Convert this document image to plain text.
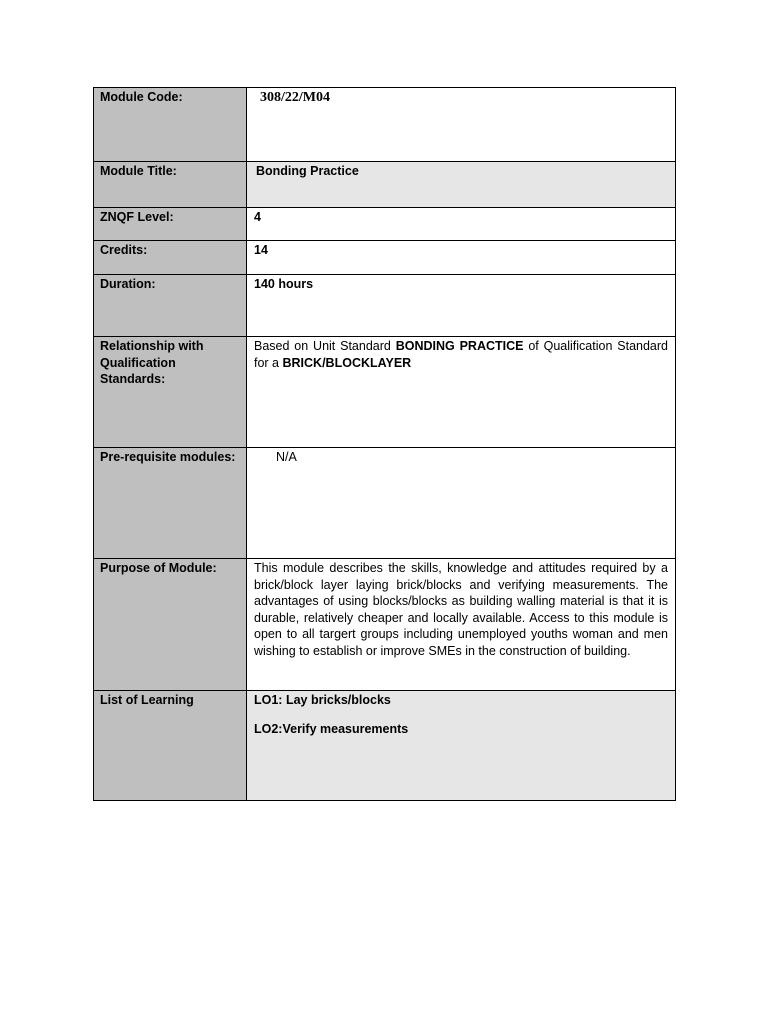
Module Code:	308/22/M04

Module Title:	Bonding Practice

ZNQF Level:	4

Credits:	14

Duration:	140 hours

Relationship with Qualification Standards:	Based on Unit Standard BONDING PRACTICE of Qualification Standard for a BRICK/BLOCKLAYER

Pre-requisite modules:	N/A

Purpose of Module:	This module describes the skills, knowledge and attitudes required by a brick/block layer laying brick/blocks and verifying measurements. The advantages of using blocks/blocks as building walling material is that it is durable, relatively cheaper and locally available. Access to this module is open to all targert groups including unemployed youths woman and men wishing to establish or improve SMEs in the construction of building.

List of Learning	LO1: Lay bricks/blocks
LO2:Verify measurements
